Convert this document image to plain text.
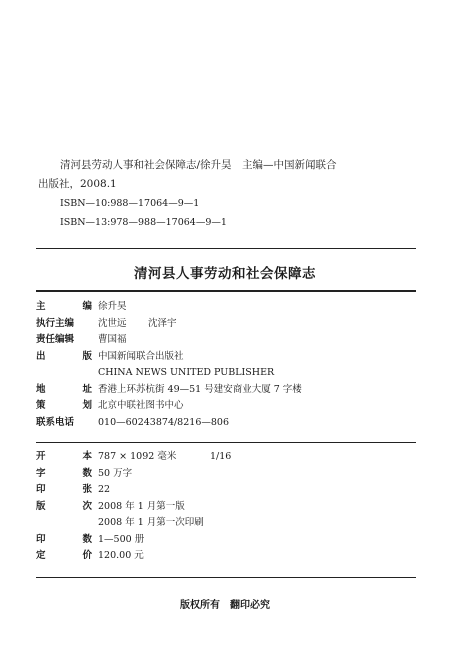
清河县劳动人事和社会保障志/徐升昊　主编—中国新闻联合
出版社，2008.1
ISBN—10:988—17064—9—1
ISBN—13:978—988—17064—9—1
清河县人事劳动和社会保障志
主	编 徐升昊
执行主编	沈世远 沈泽宇
责任编辑	曹国福
出	版 中国新闻联合出版社
CHINA NEWS UNITED PUBLISHER
地	址 香港上环苏杭街 49—51 号建安商业大厦 7 字楼
策	划 北京中联社图书中心
联系电话	010—60243874/8216—806
开	本 787 × 1092 毫米	1/16
字	数 50 万字
印	张 22
版	次 2008 年 1 月第一版
2008 年 1 月第一次印刷
印	数 1—500 册
定	价 120.00 元
版权所有　翻印必究
